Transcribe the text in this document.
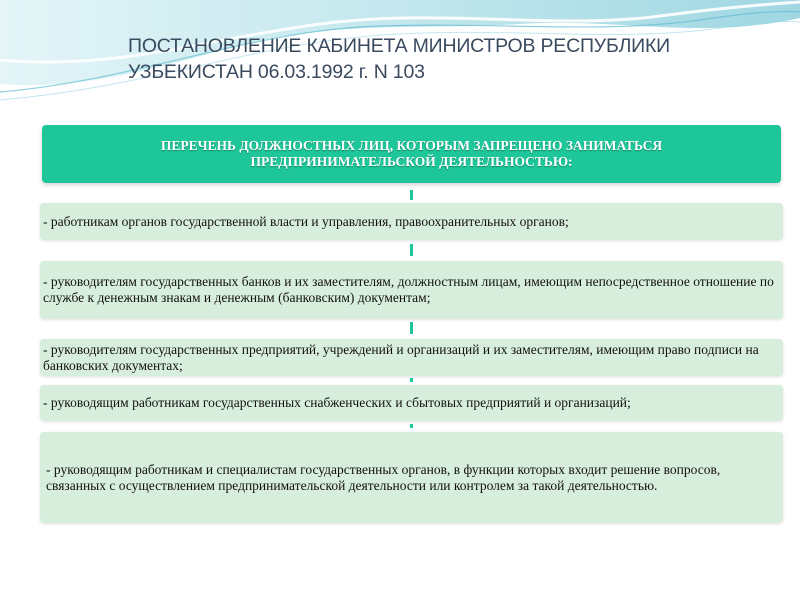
ПОСТАНОВЛЕНИЕ КАБИНЕТА МИНИСТРОВ РЕСПУБЛИКИ УЗБЕКИСТАН 06.03.1992 г. N 103
ПЕРЕЧЕНЬ ДОЛЖНОСТНЫХ ЛИЦ, КОТОРЫМ ЗАПРЕЩЕНО ЗАНИМАТЬСЯ ПРЕДПРИНИМАТЕЛЬСКОЙ ДЕЯТЕЛЬНОСТЬЮ:
- работникам органов государственной власти и управления, правоохранительных органов;
- руководителям государственных банков и их заместителям, должностным лицам, имеющим непосредственное отношение по службе к денежным знакам и денежным (банковским) документам;
- руководителям государственных предприятий, учреждений и организаций и их заместителям, имеющим право подписи на банковских документах;
- руководящим работникам государственных снабженческих и сбытовых предприятий и организаций;
- руководящим работникам и специалистам государственных органов, в функции которых входит решение вопросов, связанных с осуществлением предпринимательской деятельности или контролем за такой деятельностью.
